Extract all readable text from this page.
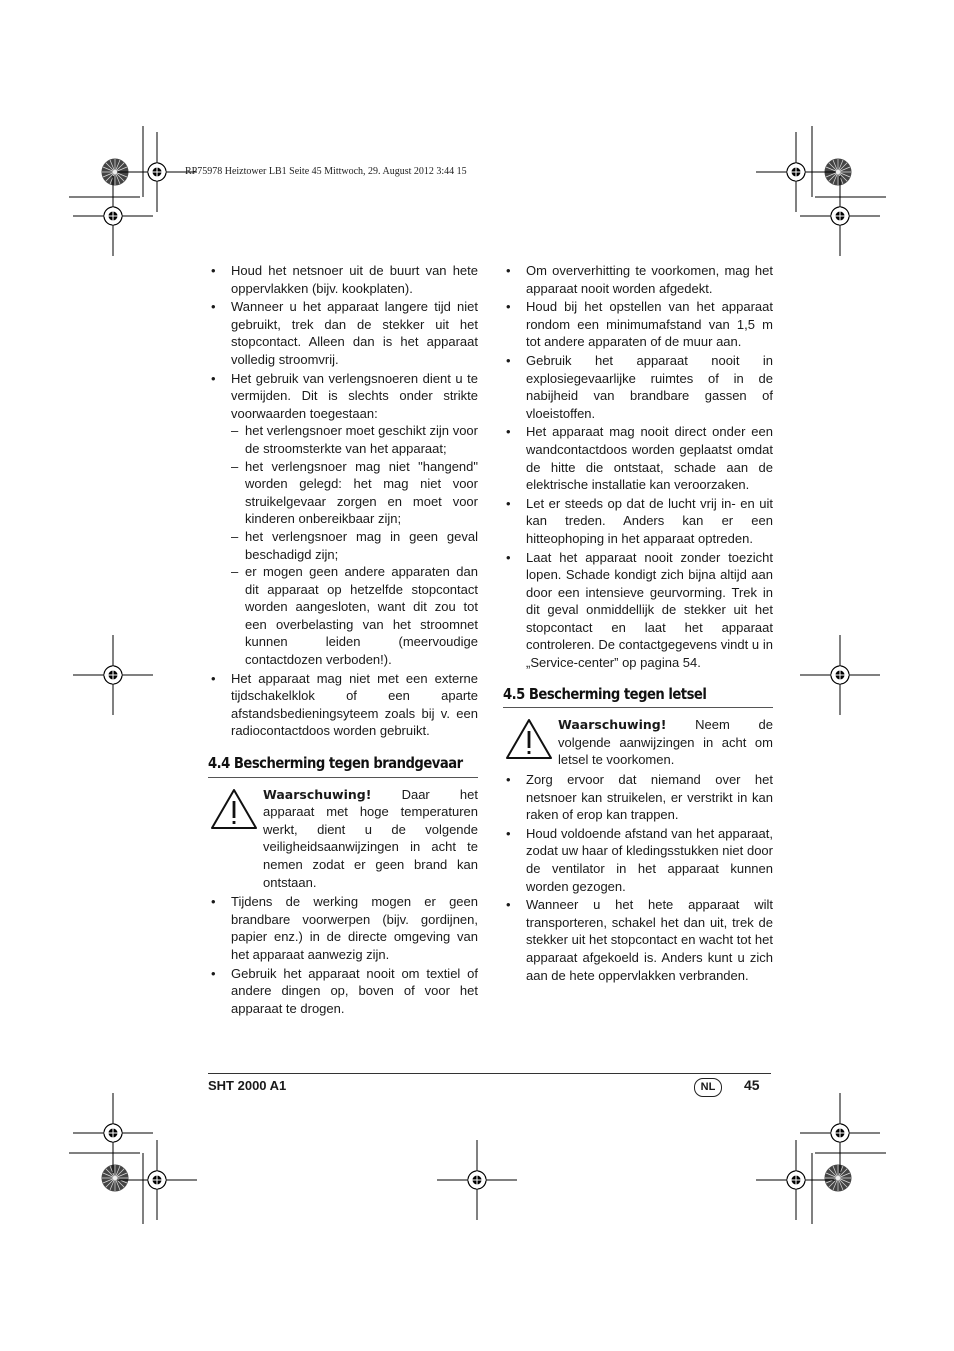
RP75978 Heiztower LB1 Seite 45 Mittwoch, 29. August 2012 3:44 15
• Houd het netsnoer uit de buurt van hete oppervlakken (bijv. kookplaten).
• Wanneer u het apparaat langere tijd niet gebruikt, trek dan de stekker uit het stopcontact. Alleen dan is het apparaat volledig stroomvrij.
• Het gebruik van verlengsnoeren dient u te vermijden. Dit is slechts onder strikte voorwaarden toegestaan:
– het verlengsnoer moet geschikt zijn voor de stroomsterkte van het apparaat;
– het verlengsnoer mag niet "hangend" worden gelegd: het mag niet voor struikelgevaar zorgen en moet voor kinderen onbereikbaar zijn;
– het verlengsnoer mag in geen geval beschadigd zijn;
– er mogen geen andere apparaten dan dit apparaat op hetzelfde stopcontact worden aangesloten, want dit zou tot een overbelasting van het stroomnet kunnen leiden (meervoudige contactdozen verboden!).
• Het apparaat mag niet met een externe tijdschakelklok of een aparte afstandsbedieningsyteem zoals bij v. een radiocontactdoos worden gebruikt.
4.4 Bescherming tegen brandgevaar
Waarschuwing! Daar het apparaat met hoge temperaturen werkt, dient u de volgende veiligheidsaanwijzingen in acht te nemen zodat er geen brand kan ontstaan.
• Tijdens de werking mogen er geen brandbare voorwerpen (bijv. gordijnen, papier enz.) in de directe omgeving van het apparaat aanwezig zijn.
• Gebruik het apparaat nooit om textiel of andere dingen op, boven of voor het apparaat te drogen.
• Om oververhitting te voorkomen, mag het apparaat nooit worden afgedekt.
• Houd bij het opstellen van het apparaat rondom een minimumafstand van 1,5 m tot andere apparaten of de muur aan.
• Gebruik het apparaat nooit in explosiegevaarlijke ruimtes of in de nabijheid van brandbare gassen of vloeistoffen.
• Het apparaat mag nooit direct onder een wandcontactdoos worden geplaatst omdat de hitte die ontstaat, schade aan de elektrische installatie kan veroorzaken.
• Let er steeds op dat de lucht vrij in- en uit kan treden. Anders kan er een hitteophoping in het apparaat optreden.
• Laat het apparaat nooit zonder toezicht lopen. Schade kondigt zich bijna altijd aan door een intensieve geurvorming. Trek in dit geval onmiddellijk de stekker uit het stopcontact en laat het apparaat controleren. De contactgegevens vindt u in „Service-center” op pagina 54.
4.5 Bescherming tegen letsel
Waarschuwing! Neem de volgende aanwijzingen in acht om letsel te voorkomen.
• Zorg ervoor dat niemand over het netsnoer kan struikelen, er verstrikt in kan raken of erop kan trappen.
• Houd voldoende afstand van het apparaat, zodat uw haar of kledingsstukken niet door de ventilator in het apparaat kunnen worden gezogen.
• Wanneer u het hete apparaat wilt transporteren, schakel het dan uit, trek de stekker uit het stopcontact en wacht tot het apparaat afgekoeld is. Anders kunt u zich aan de hete oppervlakken verbranden.
SHT 2000 A1	NL	45
